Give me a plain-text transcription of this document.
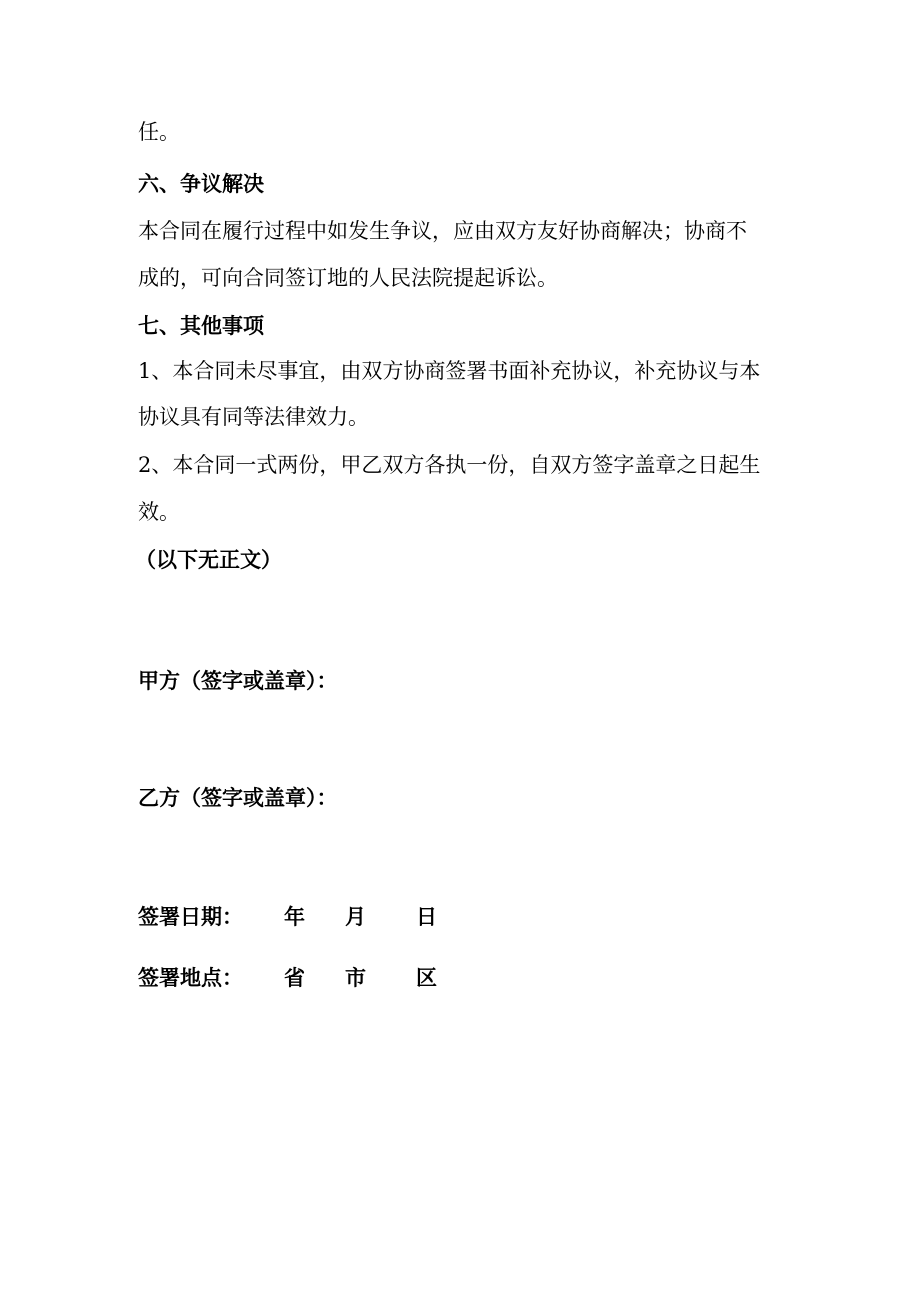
任。
六、争议解决
本合同在履行过程中如发生争议，应由双方友好协商解决；协商不
成的，可向合同签订地的人民法院提起诉讼。
七、其他事项
1、本合同未尽事宜，由双方协商签署书面补充协议，补充协议与本
协议具有同等法律效力。
2、本合同一式两份，甲乙双方各执一份，自双方签字盖章之日起生
效。
（以下无正文）
甲方（签字或盖章）：
乙方（签字或盖章）：
签署日期： 年 月 日
签署地点： 省 市 区
